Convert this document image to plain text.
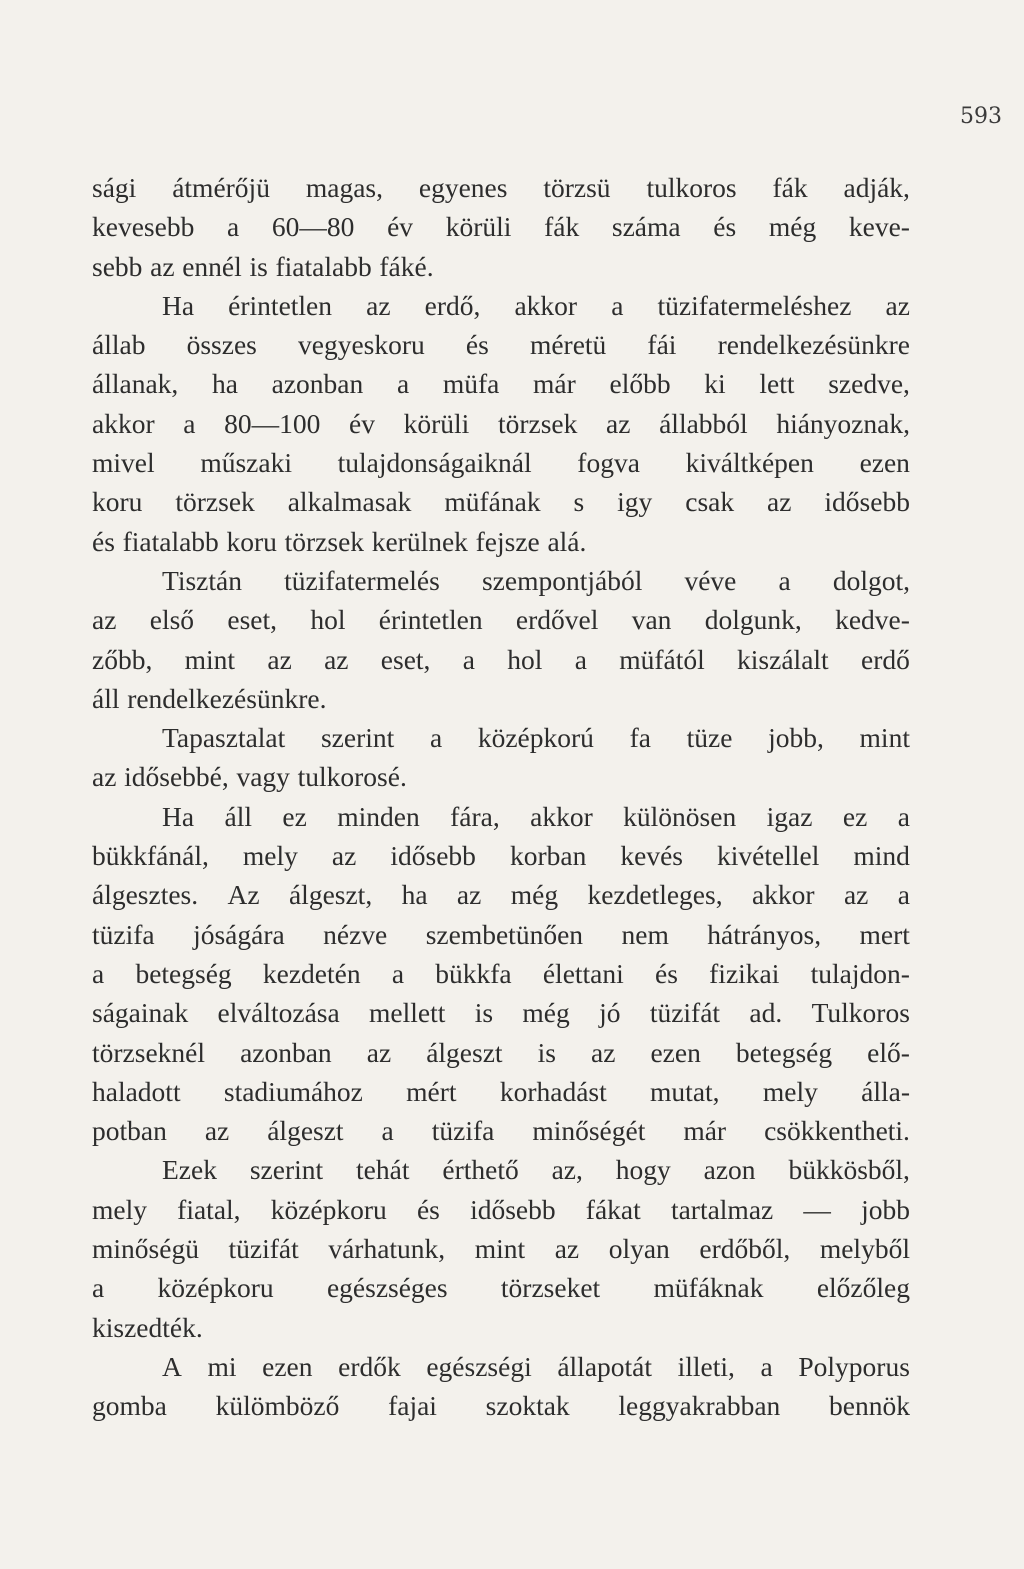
593
sági átmérőjü magas, egyenes törzsü tulkoros fák adják,
kevesebb a 60—80 év körüli fák száma és még keve-
sebb az ennél is fiatalabb fáké.
Ha érintetlen az erdő, akkor a tüzifatermeléshez az
állab összes vegyeskoru és méretü fái rendelkezésünkre
állanak, ha azonban a müfa már előbb ki lett szedve,
akkor a 80—100 év körüli törzsek az állabból hiányoznak,
mivel műszaki tulajdonságaiknál fogva kiváltképen ezen
koru törzsek alkalmasak müfának s igy csak az idősebb
és fiatalabb koru törzsek kerülnek fejsze alá.
Tisztán tüzifatermelés szempontjából véve a dolgot,
az első eset, hol érintetlen erdővel van dolgunk, kedve-
zőbb, mint az az eset, a hol a müfától kiszálalt erdő
áll rendelkezésünkre.
Tapasztalat szerint a középkorú fa tüze jobb, mint
az idősebbé, vagy tulkorosé.
Ha áll ez minden fára, akkor különösen igaz ez a
bükkfánál, mely az idősebb korban kevés kivétellel mind
álgesztes. Az álgeszt, ha az még kezdetleges, akkor az a
tüzifa jóságára nézve szembetünően nem hátrányos, mert
a betegség kezdetén a bükkfa élettani és fizikai tulajdon-
ságainak elváltozása mellett is még jó tüzifát ad. Tulkoros
törzseknél azonban az álgeszt is az ezen betegség elő-
haladott stadiumához mért korhadást mutat, mely álla-
potban az álgeszt a tüzifa minőségét már csökkentheti.
Ezek szerint tehát érthető az, hogy azon bükkösből,
mely fiatal, középkoru és idősebb fákat tartalmaz — jobb
minőségü tüzifát várhatunk, mint az olyan erdőből, melyből
a középkoru egészséges törzseket müfáknak előzőleg
kiszedték.
A mi ezen erdők egészségi állapotát illeti, a Polyporus
gomba külömböző fajai szoktak leggyakrabban bennök
